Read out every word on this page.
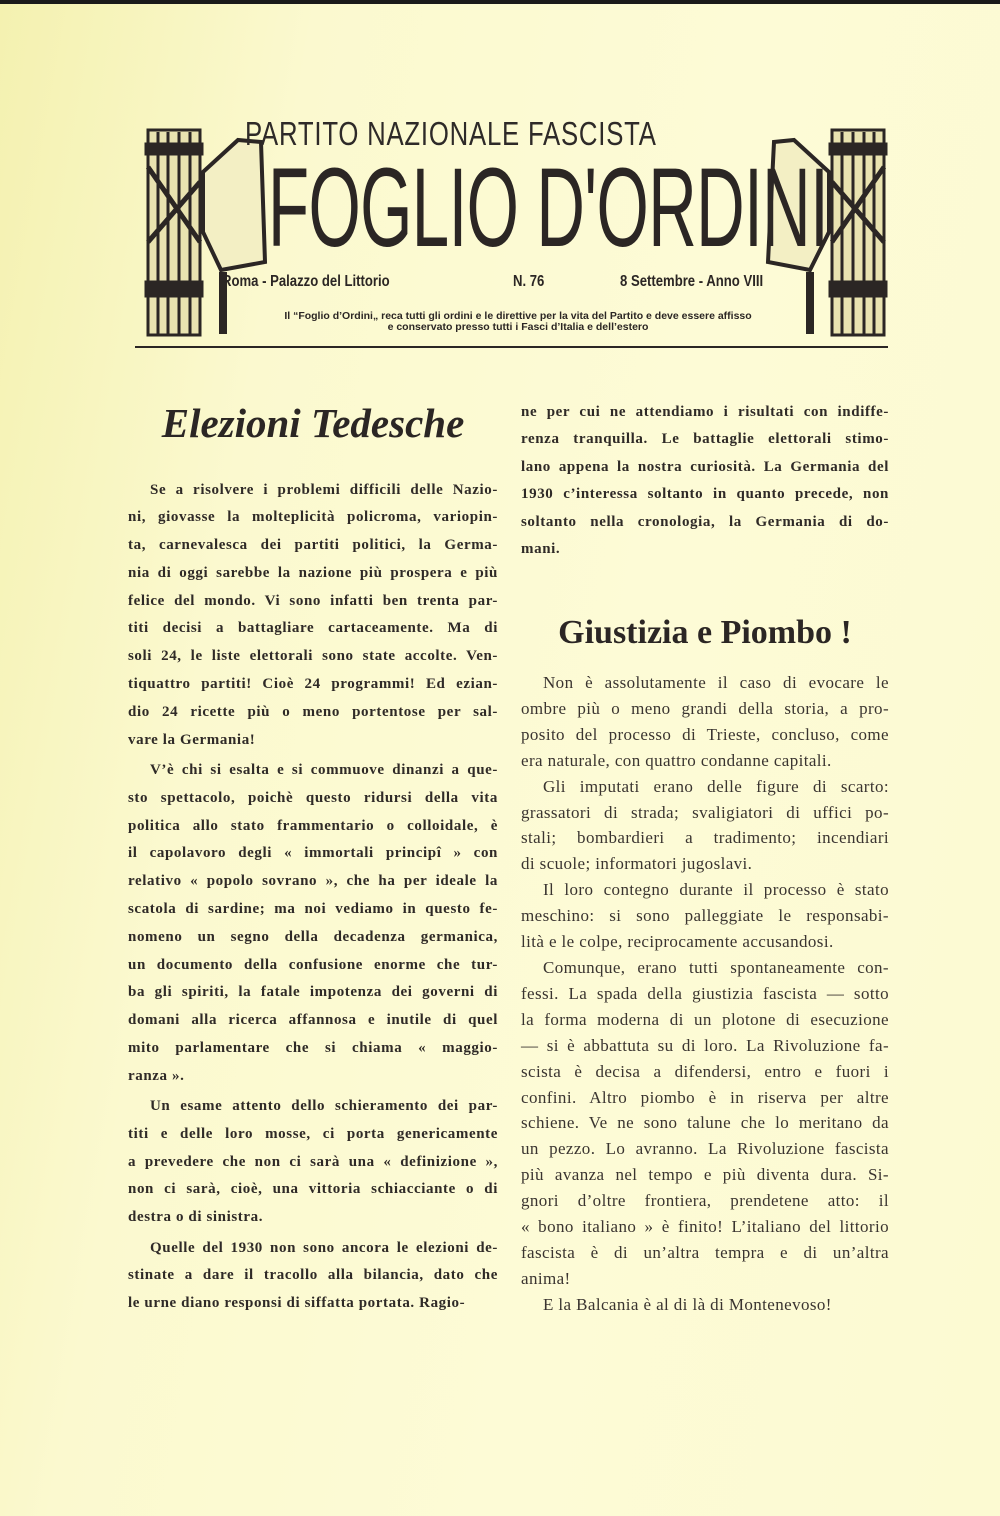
PARTITO NAZIONALE FASCISTA
FOGLIO D'ORDINI
Roma - Palazzo del Littorio	N. 76	8 Settembre - Anno VIII
Il “Foglio d’Ordini„ reca tutti gli ordini e le direttive per la vita del Partito e deve essere affisso
e conservato presso tutti i Fasci d’Italia e dell’estero
Elezioni Tedesche
Se a risolvere i problemi difficili delle Nazio-
ni, giovasse la molteplicità policroma, variopin-
ta, carnevalesca dei partiti politici, la Germa-
nia di oggi sarebbe la nazione più prospera e più
felice del mondo. Vi sono infatti ben trenta par-
titi decisi a battagliare cartaceamente. Ma di
soli 24, le liste elettorali sono state accolte. Ven-
tiquattro partiti! Cioè 24 programmi! Ed ezian-
dio 24 ricette più o meno portentose per sal-
vare la Germania!
V’è chi si esalta e si commuove dinanzi a que-
sto spettacolo, poichè questo ridursi della vita
politica allo stato frammentario o colloidale, è
il capolavoro degli « immortali principî » con
relativo « popolo sovrano », che ha per ideale la
scatola di sardine; ma noi vediamo in questo fe-
nomeno un segno della decadenza germanica,
un documento della confusione enorme che tur-
ba gli spiriti, la fatale impotenza dei governi di
domani alla ricerca affannosa e inutile di quel
mito parlamentare che si chiama « maggio-
ranza ».
Un esame attento dello schieramento dei par-
titi e delle loro mosse, ci porta genericamente
a prevedere che non ci sarà una « definizione »,
non ci sarà, cioè, una vittoria schiacciante o di
destra o di sinistra.
Quelle del 1930 non sono ancora le elezioni de-
stinate a dare il tracollo alla bilancia, dato che
le urne diano responsi di siffatta portata. Ragio-
ne per cui ne attendiamo i risultati con indiffe-
renza tranquilla. Le battaglie elettorali stimo-
lano appena la nostra curiosità. La Germania del
1930 c’interessa soltanto in quanto precede, non
soltanto nella cronologia, la Germania di do-
mani.
Giustizia e Piombo !
Non è assolutamente il caso di evocare le
ombre più o meno grandi della storia, a pro-
posito del processo di Trieste, concluso, come
era naturale, con quattro condanne capitali.
Gli imputati erano delle figure di scarto:
grassatori di strada; svaligiatori di uffici po-
stali; bombardieri a tradimento; incendiari
di scuole; informatori jugoslavi.
Il loro contegno durante il processo è stato
meschino: si sono palleggiate le responsabi-
lità e le colpe, reciprocamente accusandosi.
Comunque, erano tutti spontaneamente con-
fessi. La spada della giustizia fascista — sotto
la forma moderna di un plotone di esecuzione
— si è abbattuta su di loro. La Rivoluzione fa-
scista è decisa a difendersi, entro e fuori i
confini. Altro piombo è in riserva per altre
schiene. Ve ne sono talune che lo meritano da
un pezzo. Lo avranno. La Rivoluzione fascista
più avanza nel tempo e più diventa dura. Si-
gnori d’oltre frontiera, prendetene atto: il
« bono italiano » è finito! L’italiano del littorio
fascista è di un’altra tempra e di un’altra
anima!
E la Balcania è al di là di Montenevoso!
